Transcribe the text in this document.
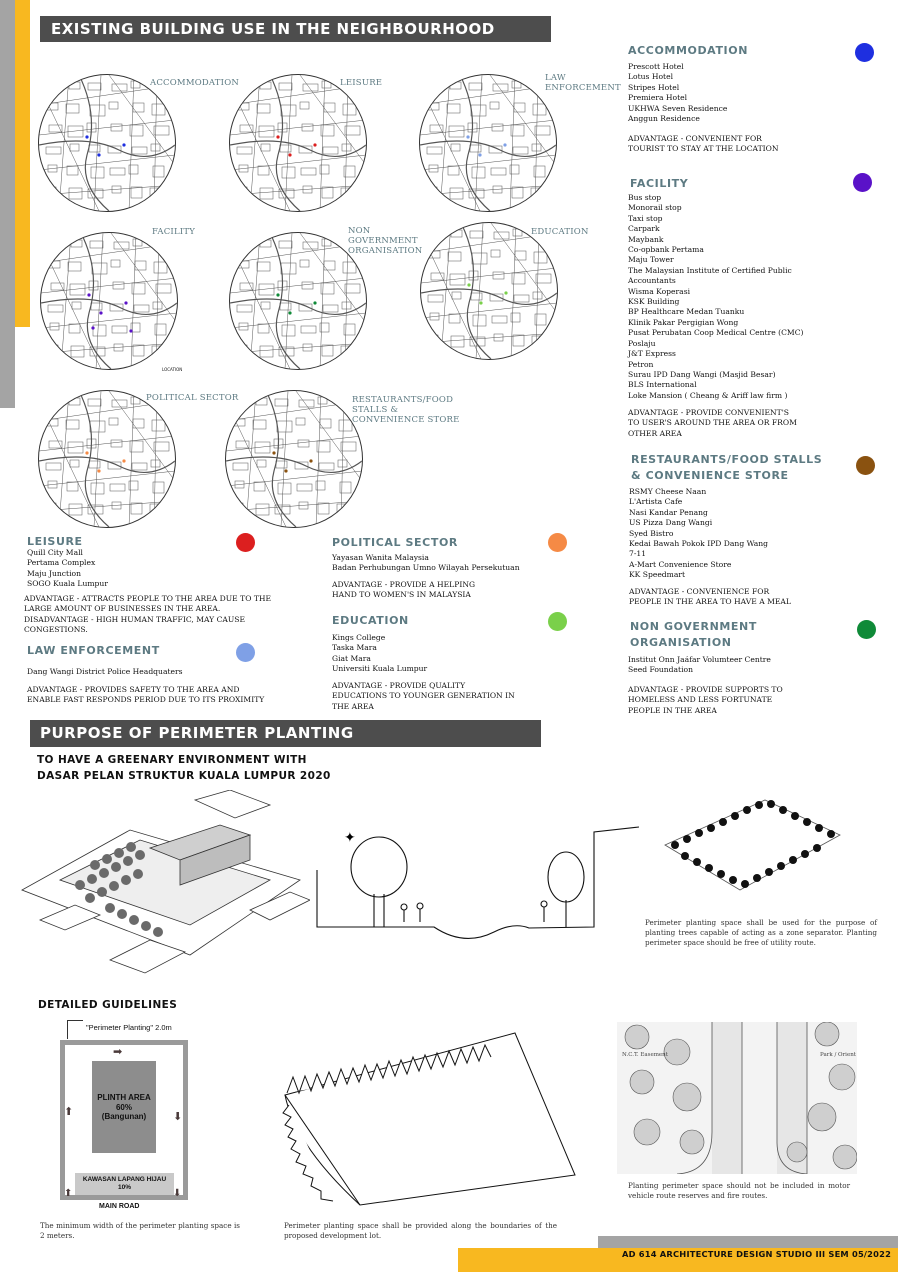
EXISTING BUILDING USE IN THE NEIGHBOURHOOD
ACCOMMODATION	LEISURE	LAW ENFORCEMENT
FACILITY	NON GOVERNMENT ORGANISATION
EDUCATION
POLITICAL SECTOR	RESTAURANTS/FOOD STALLS & CONVENIENCE STORE
LOCATION
ACCOMMODATION
Prescott Hotel
Lotus Hotel
Stripes Hotel
Premiera Hotel
UKHWA Seven Residence
Anggun Residence
ADVANTAGE - CONVENIENT FOR TOURIST TO STAY AT THE LOCATION
FACILITY
Bus stop
Monorail stop
Taxi stop
Carpark
Maybank
Co-opbank Pertama
Maju Tower
The Malaysian Institute of Certified Public Accountants
Wisma Koperasi
KSK Building
BP Healthcare Medan Tuanku
Klinik Pakar Pergigian Wong
Pusat Perubatan Coop Medical Centre (CMC)
Poslaju
J&T Express
Petron
Surau IPD Dang Wangi (Masjid Besar)
BLS International
Loke Mansion ( Cheang & Ariff law firm )
ADVANTAGE - PROVIDE CONVENIENT'S TO USER'S AROUND THE AREA OR FROM OTHER AREA
RESTAURANTS/FOOD STALLS & CONVENIENCE STORE
RSMY Cheese Naan
L'Artista Cafe
Nasi Kandar Penang
US Pizza Dang Wangi
Syed Bistro
Kedai Bawah Pokok IPD Dang Wang
7-11
A-Mart Convenience Store
KK Speedmart
ADVANTAGE - CONVENIENCE FOR PEOPLE IN THE AREA TO HAVE A MEAL
NON GOVERNMENT ORGANISATION
Institut Onn Jaáfar Volumteer Centre
Seed Foundation
ADVANTAGE - PROVIDE SUPPORTS TO HOMELESS AND LESS FORTUNATE PEOPLE IN THE AREA
LEISURE
Quill City Mall
Pertama Complex
Maju Junction
SOGO Kuala Lumpur
ADVANTAGE - ATTRACTS PEOPLE TO THE AREA DUE TO THE LARGE AMOUNT OF BUSINESSES IN THE AREA.
DISADVANTAGE - HIGH HUMAN TRAFFIC, MAY CAUSE CONGESTIONS.
LAW ENFORCEMENT
Dang Wangi District Police Headquaters
ADVANTAGE - PROVIDES SAFETY TO THE AREA AND ENABLE FAST RESPONDS PERIOD DUE TO ITS PROXIMITY
POLITICAL SECTOR
Yayasan Wanita Malaysia
Badan Perhubungan Umno Wilayah Persekutuan
ADVANTAGE - PROVIDE A HELPING HAND TO WOMEN'S IN MALAYSIA
EDUCATION
Kings College
Taska Mara
Giat Mara
Universiti Kuala Lumpur
ADVANTAGE - PROVIDE QUALITY EDUCATIONS TO YOUNGER GENERATION IN THE AREA
PURPOSE OF PERIMETER PLANTING
TO HAVE A GREENARY ENVIRONMENT WITH DASAR PELAN STRUKTUR KUALA LUMPUR 2020
✦
Perimeter planting space shall be used for the purpose of planting trees capable of acting as a zone separator. Planting perimeter space should be free of utility route.
DETAILED GUIDELINES
"Perimeter Planting" 2.0m
PLINTH AREA
60%
(Bangunan)
KAWASAN LAPANG HIJAU
10%
MAIN ROAD
➡
⬆	⬇
⬆	⬇
The minimum width of the perimeter planting space is 2 meters.
Perimeter planting space shall be provided along the boundaries of the proposed development lot.
N.C.T. Easement	Park / Orient
Planting perimeter space should not be included in motor vehicle route reserves and fire routes.
AD 614 ARCHITECTURE DESIGN STUDIO III SEM 05/2022
